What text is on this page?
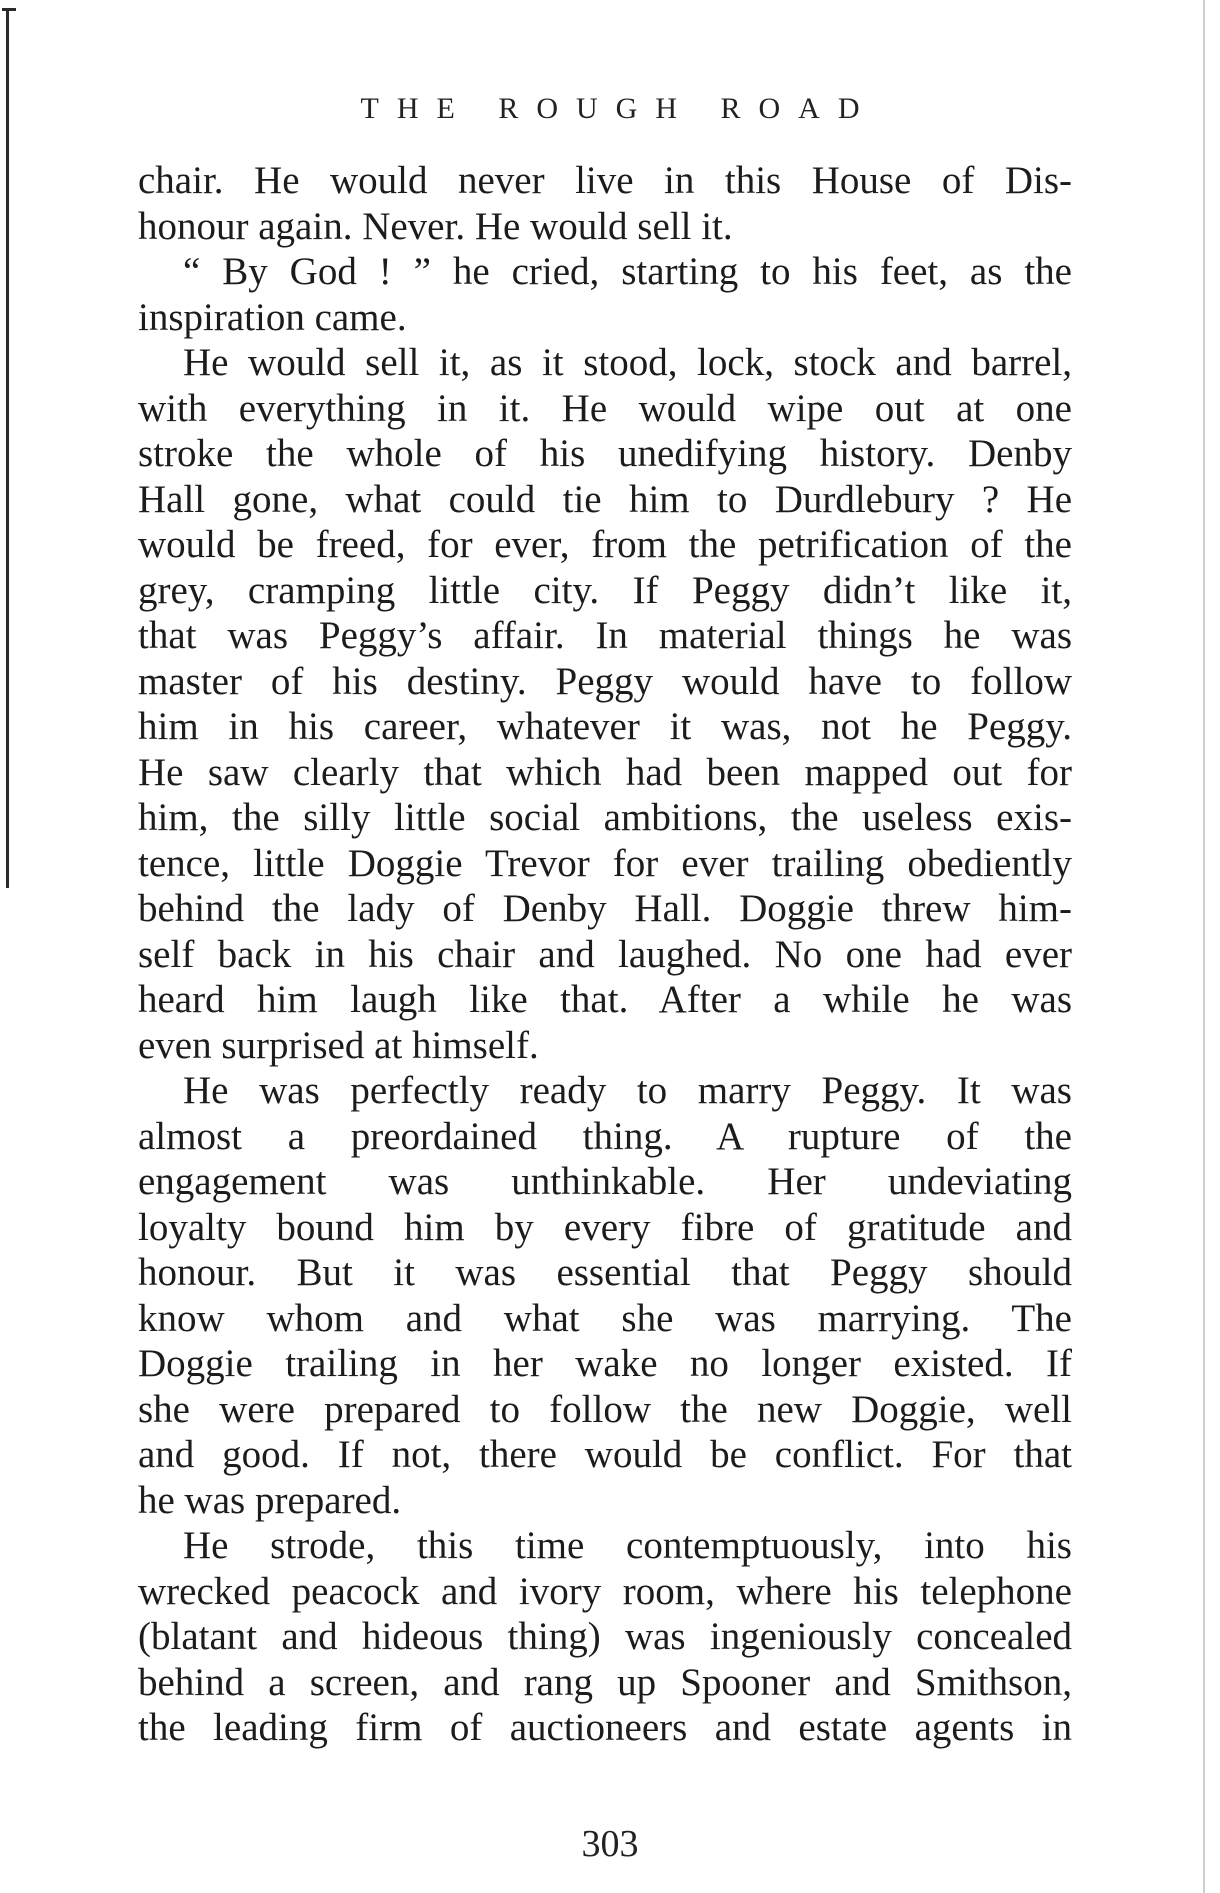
THE ROUGH ROAD
chair. He would never live in this House of Dis-
honour again. Never. He would sell it.
“ By God ! ” he cried, starting to his feet, as the
inspiration came.
He would sell it, as it stood, lock, stock and barrel,
with everything in it. He would wipe out at one
stroke the whole of his unedifying history. Denby
Hall gone, what could tie him to Durdlebury ? He
would be freed, for ever, from the petrification of the
grey, cramping little city. If Peggy didn’t like it,
that was Peggy’s affair. In material things he was
master of his destiny. Peggy would have to follow
him in his career, whatever it was, not he Peggy.
He saw clearly that which had been mapped out for
him, the silly little social ambitions, the useless exis-
tence, little Doggie Trevor for ever trailing obediently
behind the lady of Denby Hall. Doggie threw him-
self back in his chair and laughed. No one had ever
heard him laugh like that. After a while he was
even surprised at himself.
He was perfectly ready to marry Peggy. It was
almost a preordained thing. A rupture of the
engagement was unthinkable. Her undeviating
loyalty bound him by every fibre of gratitude and
honour. But it was essential that Peggy should
know whom and what she was marrying. The
Doggie trailing in her wake no longer existed. If
she were prepared to follow the new Doggie, well
and good. If not, there would be conflict. For that
he was prepared.
He strode, this time contemptuously, into his
wrecked peacock and ivory room, where his telephone
(blatant and hideous thing) was ingeniously concealed
behind a screen, and rang up Spooner and Smithson,
the leading firm of auctioneers and estate agents in
303
